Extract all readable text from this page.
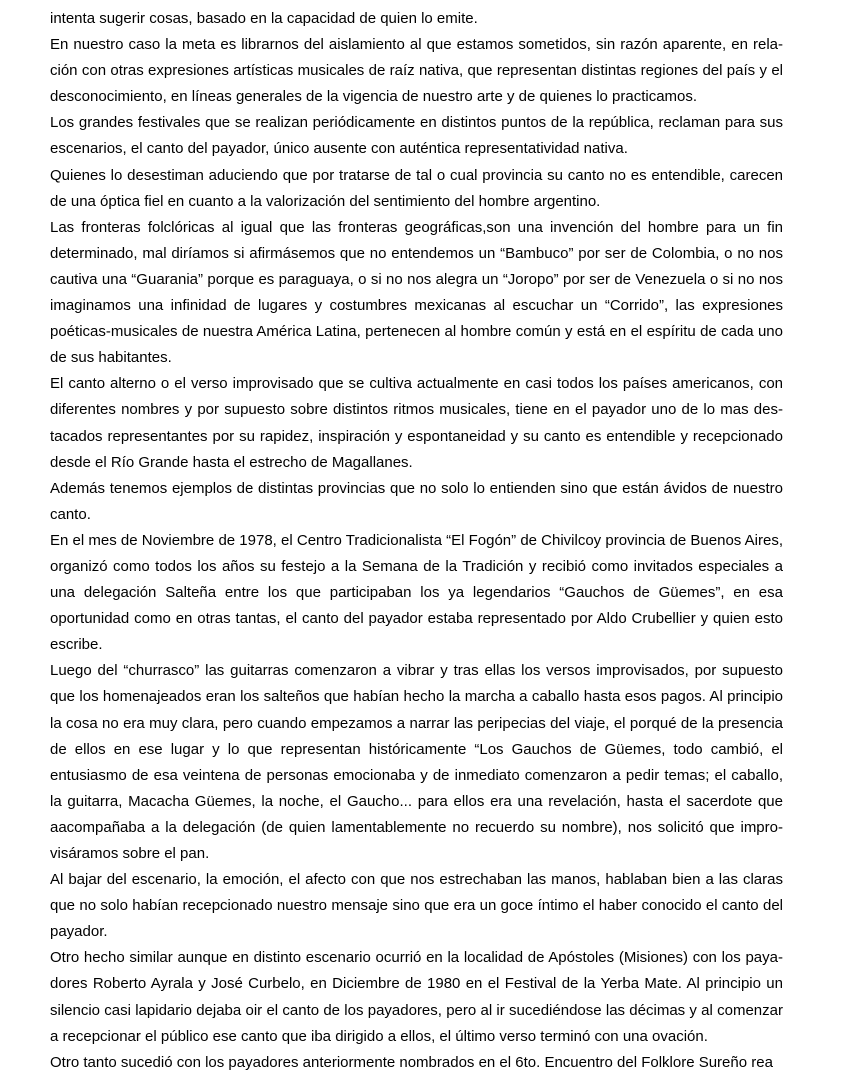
intenta sugerir cosas, basado en la capacidad de quien lo emite.

En nuestro caso la meta es librarnos del aislamiento al que estamos sometidos, sin razón aparente, en relación con otras expresiones artísticas musicales de raíz nativa, que representan distintas regiones del país y el desconocimiento, en líneas generales de la vigencia de nuestro arte y de quienes lo practicamos.

Los grandes festivales que se realizan periódicamente en distintos puntos de la república, reclaman para sus escenarios, el canto del payador, único ausente con auténtica representatividad nativa.

Quienes lo desestiman aduciendo que por tratarse de tal o cual provincia su canto no es entendible, carecen de una óptica fiel en cuanto a la valorización del sentimiento del hombre argentino.

Las fronteras folclóricas al igual que las fronteras geográficas,son una invención del hombre para un fin determinado, mal diríamos si afirmásemos que no entendemos un “Bambuco” por ser de Colombia, o no nos cautiva una “Guarania” porque es paraguaya, o si no nos alegra un “Joropo” por ser de Venezuela o si no nos imaginamos una infinidad de lugares y costumbres mexicanas al escuchar un “Corrido”, las expresiones poéticas-musicales de nuestra América Latina, pertenecen al hombre común y está en el espíritu de cada uno de sus habitantes.

El canto alterno o el verso improvisado que se cultiva actualmente en casi todos los países americanos, con diferentes nombres y por supuesto sobre distintos ritmos musicales, tiene en el payador uno de lo mas destacados representantes por su rapidez, inspiración y espontaneidad y su canto es entendible y recepcionado desde el Río Grande hasta el estrecho de Magallanes.

Además tenemos ejemplos de distintas provincias que no solo lo entienden sino que están ávidos de nuestro canto.

En el mes de Noviembre de 1978, el Centro Tradicionalista “El Fogón” de Chivilcoy provincia de Buenos Aires, organizó como todos los años su festejo a la Semana de la Tradición y recibió como invitados especiales a una delegación Salteña entre los que participaban los ya legendarios “Gauchos de Güemes”, en esa oportunidad como en otras tantas, el canto del payador estaba representado por Aldo Crubellier y quien esto escribe.

Luego del “churrasco” las guitarras comenzaron a vibrar y tras ellas los versos improvisados, por supuesto que los homenajeados eran los salteños que habían hecho la marcha a caballo hasta esos pagos. Al principio la cosa no era muy clara, pero cuando empezamos a narrar las peripecias del viaje, el porqué de la presencia de ellos en ese lugar y lo que representan históricamente “Los Gauchos de Güemes, todo cambió, el entusiasmo de esa veintena de personas emocionaba y de inmediato comenzaron a pedir temas; el caballo, la guitarra, Macacha Güemes, la noche, el Gaucho... para ellos era una revelación, hasta el sacerdote que aacompañaba a la delegación (de quien lamentablemente no recuerdo su nombre), nos solicitó que improvisáramos sobre el pan.

Al bajar del escenario, la emoción, el afecto con que nos estrechaban las manos, hablaban bien a las claras que no solo habían recepcionado nuestro mensaje sino que era un goce íntimo el haber conocido el canto del payador.

Otro hecho similar aunque en distinto escenario ocurrió en la localidad de Apóstoles (Misiones) con los payadores Roberto Ayrala y José Curbelo, en Diciembre de 1980 en el Festival de la Yerba Mate. Al principio un silencio casi lapidario dejaba oir el canto de los payadores, pero al ir sucediéndose las décimas y al comenzar a recepcionar el público ese canto que iba dirigido a ellos, el último verso terminó con una ovación.

Otro tanto sucedió con los payadores anteriormente nombrados en el 6to. Encuentro del Folklore Sureño rea
